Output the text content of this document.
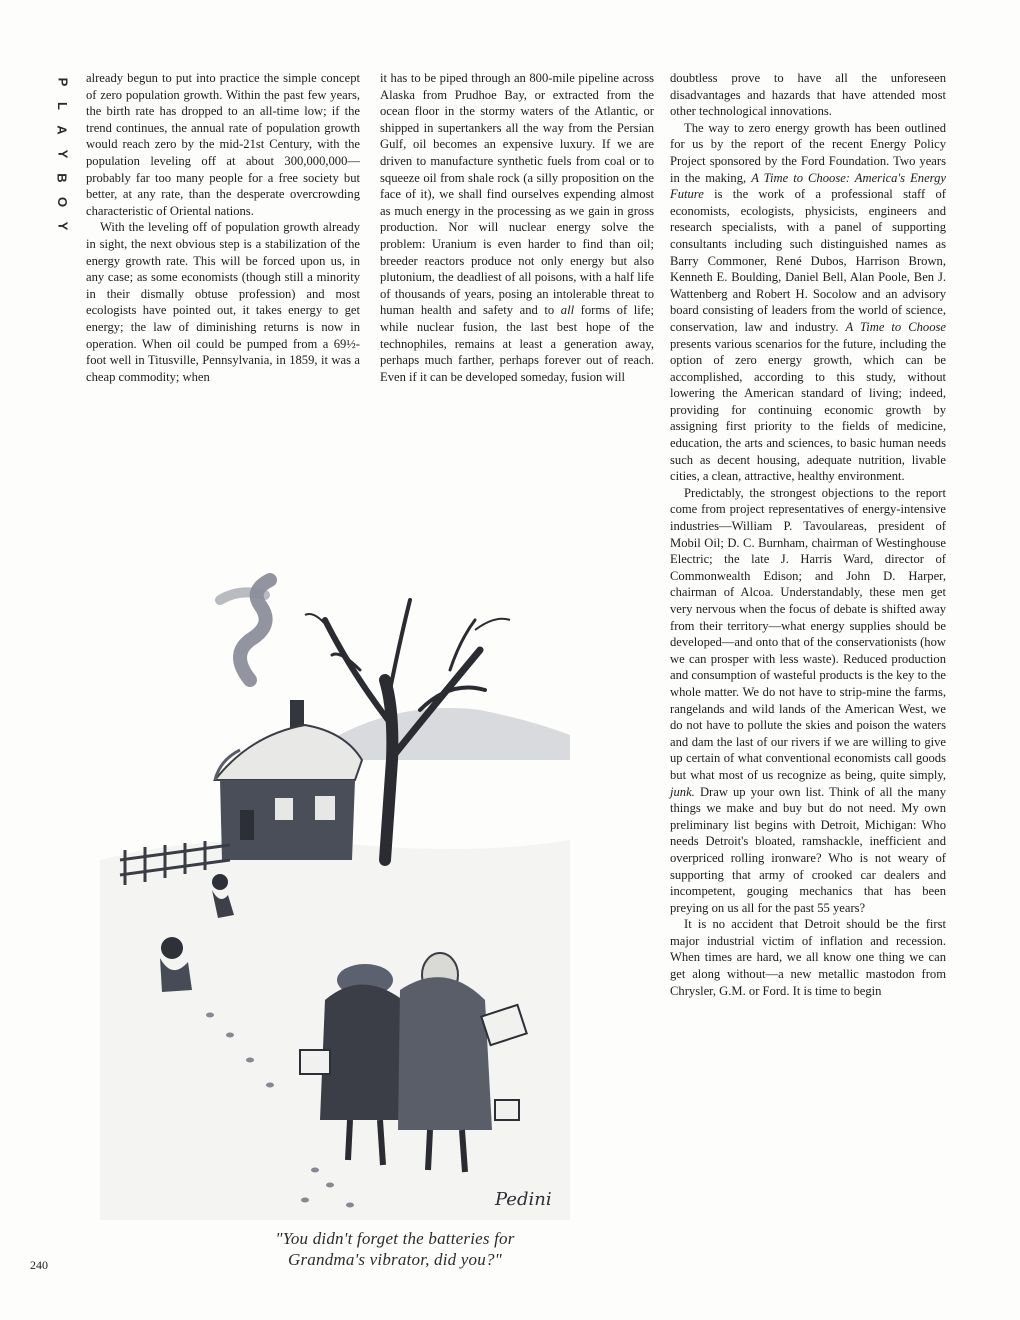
P
L
A
Y
B
O
Y

already begun to put into practice the simple concept of zero population growth. Within the past few years, the birth rate has dropped to an all-time low; if the trend continues, the annual rate of population growth would reach zero by the mid-21st Century, with the population leveling off at about 300,000,000—probably far too many people for a free society but better, at any rate, than the desperate overcrowding characteristic of Oriental nations.

With the leveling off of population growth already in sight, the next obvious step is a stabilization of the energy growth rate. This will be forced upon us, in any case; as some economists (though still a minority in their dismally obtuse profession) and most ecologists have pointed out, it takes energy to get energy; the law of diminishing returns is now in operation. When oil could be pumped from a 69½-foot well in Titusville, Pennsylvania, in 1859, it was a cheap commodity; when

it has to be piped through an 800-mile pipeline across Alaska from Prudhoe Bay, or extracted from the ocean floor in the stormy waters of the Atlantic, or shipped in supertankers all the way from the Persian Gulf, oil becomes an expensive luxury. If we are driven to manufacture synthetic fuels from coal or to squeeze oil from shale rock (a silly proposition on the face of it), we shall find ourselves expending almost as much energy in the processing as we gain in gross production. Nor will nuclear energy solve the problem: Uranium is even harder to find than oil; breeder reactors produce not only energy but also plutonium, the deadliest of all poisons, with a half life of thousands of years, posing an intolerable threat to human health and safety and to all forms of life; while nuclear fusion, the last best hope of the technophiles, remains at least a generation away, perhaps much farther, perhaps forever out of reach. Even if it can be developed someday, fusion will

doubtless prove to have all the unforeseen disadvantages and hazards that have attended most other technological innovations.

The way to zero energy growth has been outlined for us by the report of the recent Energy Policy Project sponsored by the Ford Foundation. Two years in the making, A Time to Choose: America's Energy Future is the work of a professional staff of economists, ecologists, physicists, engineers and research specialists, with a panel of supporting consultants including such distinguished names as Barry Commoner, René Dubos, Harrison Brown, Kenneth E. Boulding, Daniel Bell, Alan Poole, Ben J. Wattenberg and Robert H. Socolow and an advisory board consisting of leaders from the world of science, conservation, law and industry. A Time to Choose presents various scenarios for the future, including the option of zero energy growth, which can be accomplished, according to this study, without lowering the American standard of living; indeed, providing for continuing economic growth by assigning first priority to the fields of medicine, education, the arts and sciences, to basic human needs such as decent housing, adequate nutrition, livable cities, a clean, attractive, healthy environment.

Predictably, the strongest objections to the report come from project representatives of energy-intensive industries—William P. Tavoulareas, president of Mobil Oil; D. C. Burnham, chairman of Westinghouse Electric; the late J. Harris Ward, director of Commonwealth Edison; and John D. Harper, chairman of Alcoa. Understandably, these men get very nervous when the focus of debate is shifted away from their territory—what energy supplies should be developed—and onto that of the conservationists (how we can prosper with less waste). Reduced production and consumption of wasteful products is the key to the whole matter. We do not have to strip-mine the farms, rangelands and wild lands of the American West, we do not have to pollute the skies and poison the waters and dam the last of our rivers if we are willing to give up certain of what conventional economists call goods but what most of us recognize as being, quite simply, junk. Draw up your own list. Think of all the many things we make and buy but do not need. My own preliminary list begins with Detroit, Michigan: Who needs Detroit's bloated, ramshackle, inefficient and overpriced rolling ironware? Who is not weary of supporting that army of crooked car dealers and incompetent, gouging mechanics that has been preying on us all for the past 55 years?

It is no accident that Detroit should be the first major industrial victim of inflation and recession. When times are hard, we all know one thing we can get along without—a new metallic mastodon from Chrysler, G.M. or Ford. It is time to begin

Pedini
"You didn't forget the batteries for
Grandma's vibrator, did you?"
240
